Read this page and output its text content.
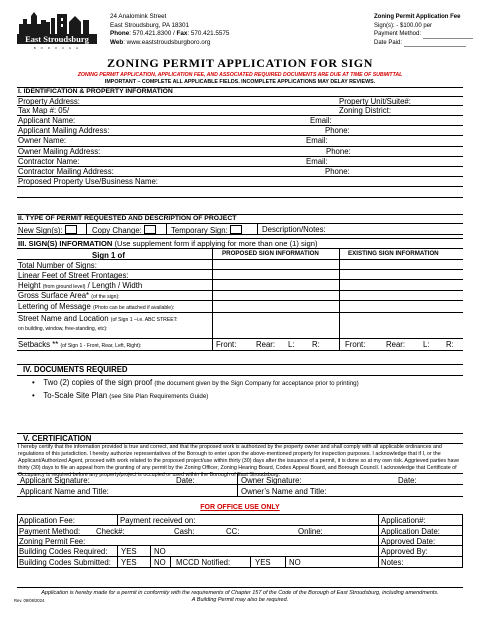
East Stroudsburg
B O R O U G H
24 Analomink Street
East Stroudsburg, PA 18301
Phone: 570.421.8300 / Fax: 570.421.5575
Web: www.eaststroudsburgboro.org
Zoning Permit Application Fee
Sign(s): - $100.00 per
Payment Method:
Date Paid:
ZONING PERMIT APPLICATION FOR SIGN
ZONING PERMIT APPLICATION, APPLICATION FEE, AND ASSOCIATED REQUIRED DOCUMENTS ARE DUE AT TIME OF SUBMITTAL
IMPORTANT – COMPLETE ALL APPLICABLE FIELDS. INCOMPLETE APPLICATIONS MAY DELAY REVIEWS.
I. IDENTIFICATION & PROPERTY INFORMATION
Property Address:	Property Unit/Suite#:
Tax Map #: 05/	Zoning District:
Applicant Name:	Email:
Applicant Mailing Address:	Phone:
Owner Name:	Email:
Owner Mailing Address:	Phone:
Contractor Name:	Email:
Contractor Mailing Address:	Phone:
Proposed Property Use/Business Name:
II. TYPE OF PERMIT REQUESTED AND DESCRIPTION OF PROJECT
New Sign(s):	Copy Change:	Temporary Sign:	Description/Notes:
III. SIGN(S) INFORMATION (Use supplement form if applying for more than one (1) sign)
Sign 1 of	PROPOSED SIGN INFORMATION	EXISTING SIGN INFORMATION
Total Number of Signs:
Linear Feet of Street Frontages:
Height (from ground level) / Length / Width
Gross Surface Area* (of the sign):
Lettering of Message (Photo can be attached if available):
Street Name and Location (of Sign 1 –i.e. ABC STREET:
on building, window, free-standing, etc):
Setbacks ** (of Sign 1 - Front, Rear, Left, Right):	Front:	Rear: L: R:	Front:	Rear: L: R:
IV. DOCUMENTS REQUIRED
•    Two (2) copies of the sign proof (the document given by the Sign Company for acceptance prior to printing)
•    To-Scale Site Plan (see Site Plan Requirements Guide)
V. CERTIFICATION
I hereby certify that the information provided is true and correct, and that the proposed work is authorized by the property owner and shall comply with all applicable ordinances and regulations of this jurisdiction. I hereby authorize representatives of the Borough to enter upon the above-mentioned property for inspection purposes. I acknowledge that if I, or the Applicant/Authorized Agent, proceed with work related to the proposed project/use within thirty (30) days after the issuance of a permit, it is done so at my own risk. Aggrieved parties have thirty (30) days to file an appeal from the granting of any permit by the Zoning Officer, Zoning Hearing Board, Codes Appeal Board, and Borough Council. I acknowledge that Certificate of Occupancy is required before any property/project is occupied or used within the Borough of East Stroudsburg.
Applicant Signature:	Date:	Owner Signature:	Date:
Applicant Name and Title:	Owner’s Name and Title:
FOR OFFICE USE ONLY
Application Fee:	Payment received on:	Application#:
Payment Method: Check#:	Cash:	CC:	Online:	Application Date:
Zoning Permit Fee:	Approved Date:
Building Codes Required: YES NO	Approved By:
Building Codes Submitted: YES NO MCCD Notified:	YES NO	Notes:
Application is hereby made for a permit in conformity with the requirements of Chapter 157 of the Code of the Borough of East Stroudsburg, including amendments. A Building Permit may also be required.
Rev. 09/08/2024
